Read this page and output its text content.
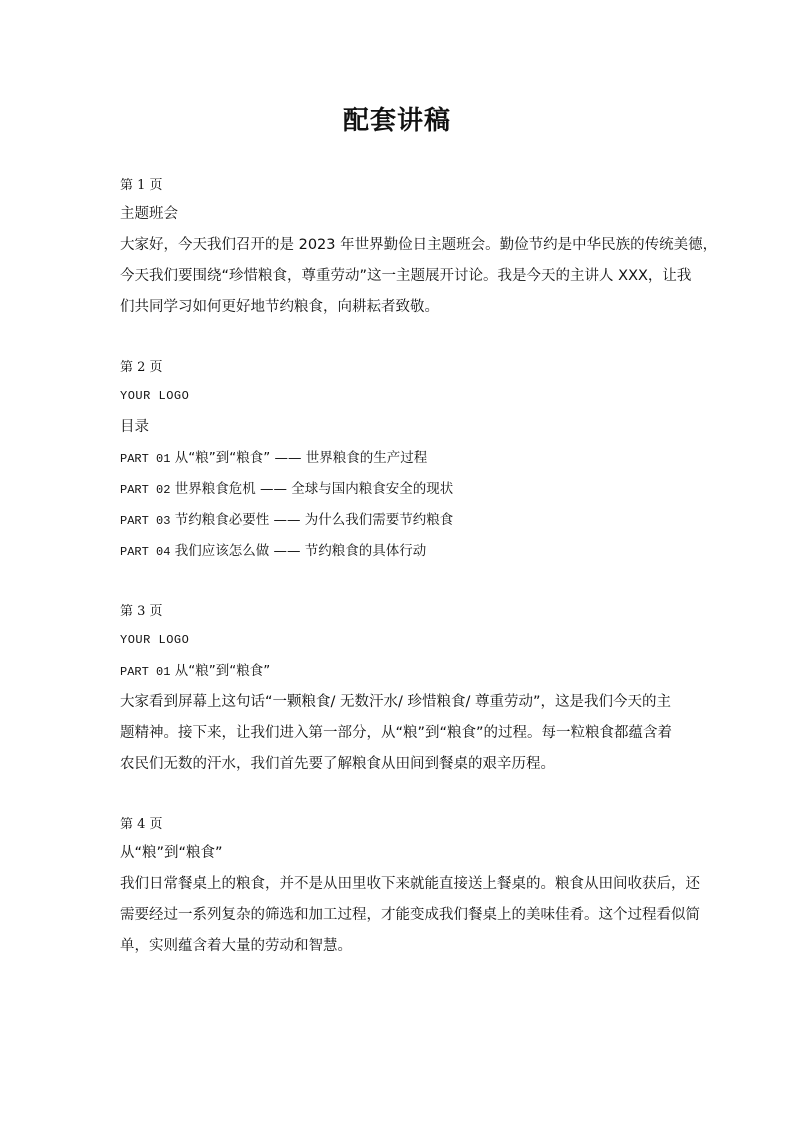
配套讲稿
第 1 页
主题班会
大家好，今天我们召开的是 2023 年世界勤俭日主题班会。勤俭节约是中华民族的传统美德，
今天我们要围绕“珍惜粮食，尊重劳动”这一主题展开讨论。我是今天的主讲人 XXX，让我
们共同学习如何更好地节约粮食，向耕耘者致敬。
第 2 页
YOUR LOGO
目录
PART 01 从“粮”到“粮食” —— 世界粮食的生产过程
PART 02 世界粮食危机 —— 全球与国内粮食安全的现状
PART 03 节约粮食必要性 —— 为什么我们需要节约粮食
PART 04 我们应该怎么做 —— 节约粮食的具体行动
第 3 页
YOUR LOGO
PART 01 从“粮”到“粮食”
大家看到屏幕上这句话“一颗粮食/ 无数汗水/ 珍惜粮食/ 尊重劳动”，这是我们今天的主
题精神。接下来，让我们进入第一部分，从“粮”到“粮食”的过程。每一粒粮食都蕴含着
农民们无数的汗水，我们首先要了解粮食从田间到餐桌的艰辛历程。
第 4 页
从“粮”到“粮食”
我们日常餐桌上的粮食，并不是从田里收下来就能直接送上餐桌的。粮食从田间收获后，还
需要经过一系列复杂的筛选和加工过程，才能变成我们餐桌上的美味佳肴。这个过程看似简
单，实则蕴含着大量的劳动和智慧。
